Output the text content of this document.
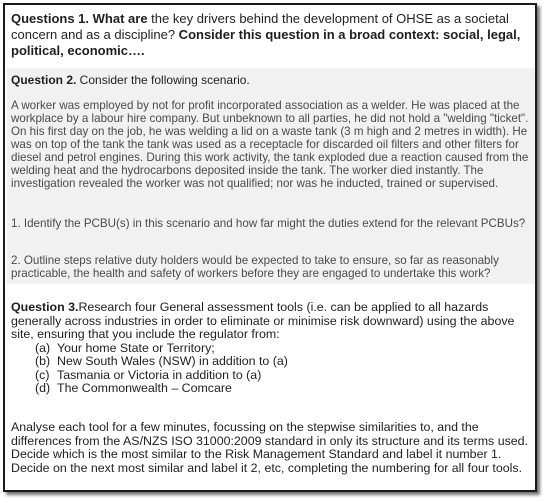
Questions 1. What are the key drivers behind the development of OHSE as a societal concern and as a discipline? Consider this question in a broad context: social, legal, political, economic….
Question 2. Consider the following scenario.
A worker was employed by not for profit incorporated association as a welder. He was placed at the workplace by a labour hire company. But unbeknown to all parties, he did not hold a "welding "ticket". On his first day on the job, he was welding a lid on a waste tank (3 m high and 2 metres in width). He was on top of the tank the tank was used as a receptacle for discarded oil filters and other filters for diesel and petrol engines. During this work activity, the tank exploded due a reaction caused from the welding heat and the hydrocarbons deposited inside the tank. The worker died instantly. The investigation revealed the worker was not qualified; nor was he inducted, trained or supervised.
1. Identify the PCBU(s) in this scenario and how far might the duties extend for the relevant PCBUs?
2. Outline steps relative duty holders would be expected to take to ensure, so far as reasonably practicable, the health and safety of workers before they are engaged to undertake this work?
Question 3.Research four General assessment tools (i.e. can be applied to all hazards generally across industries in order to eliminate or minimise risk downward) using the above site, ensuring that you include the regulator from:
(a) Your home State or Territory;
(b) New South Wales (NSW) in addition to (a)
(c) Tasmania or Victoria in addition to (a)
(d) The Commonwealth – Comcare
Analyse each tool for a few minutes, focussing on the stepwise similarities to, and the differences from the AS/NZS ISO 31000:2009 standard in only its structure and its terms used. Decide which is the most similar to the Risk Management Standard and label it number 1. Decide on the next most similar and label it 2, etc, completing the numbering for all four tools.
